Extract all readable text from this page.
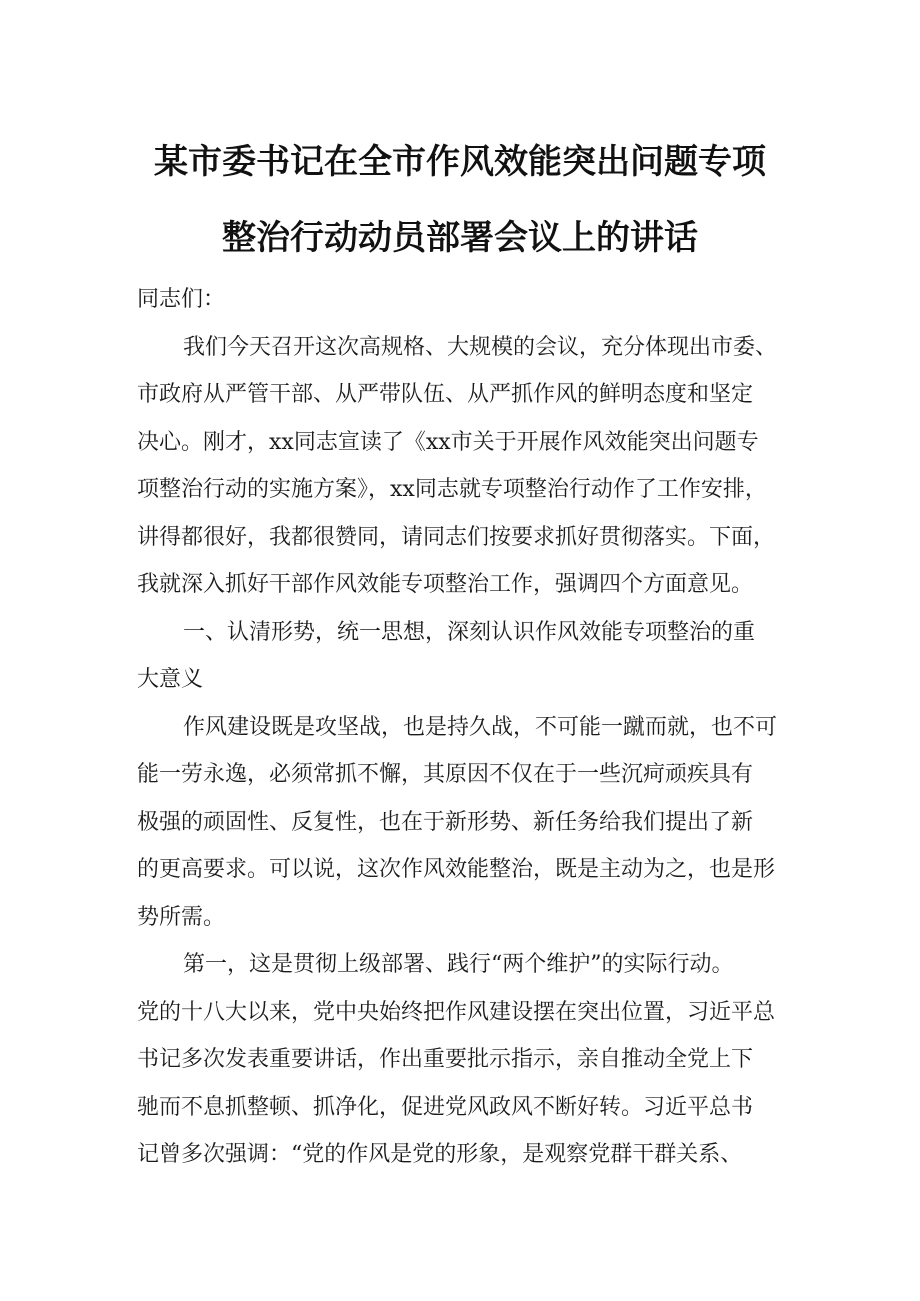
某市委书记在全市作风效能突出问题专项
整治行动动员部署会议上的讲话
同志们：
我们今天召开这次高规格、大规模的会议，充分体现出市委、
市政府从严管干部、从严带队伍、从严抓作风的鲜明态度和坚定
决心。刚才，xx同志宣读了《xx市关于开展作风效能突出问题专
项整治行动的实施方案》，xx同志就专项整治行动作了工作安排，
讲得都很好，我都很赞同，请同志们按要求抓好贯彻落实。下面，
我就深入抓好干部作风效能专项整治工作，强调四个方面意见。
一、认清形势，统一思想，深刻认识作风效能专项整治的重
大意义
作风建设既是攻坚战，也是持久战，不可能一蹴而就，也不可
能一劳永逸，必须常抓不懈，其原因不仅在于一些沉疴顽疾具有
极强的顽固性、反复性，也在于新形势、新任务给我们提出了新
的更高要求。可以说，这次作风效能整治，既是主动为之，也是形
势所需。
第一，这是贯彻上级部署、践行“两个维护”的实际行动。
党的十八大以来，党中央始终把作风建设摆在突出位置，习近平总
书记多次发表重要讲话，作出重要批示指示，亲自推动全党上下
驰而不息抓整顿、抓净化，促进党风政风不断好转。习近平总书
记曾多次强调：“党的作风是党的形象，是观察党群干群关系、
